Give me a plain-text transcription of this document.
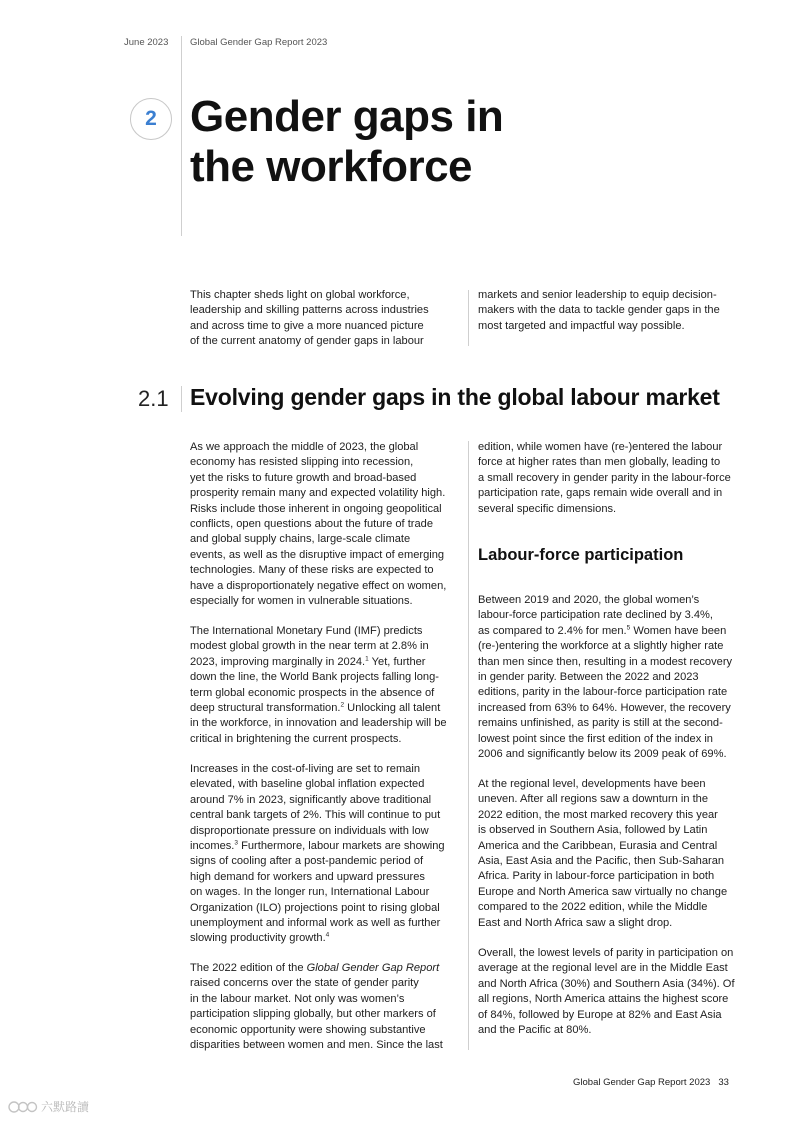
June 2023 Global Gender Gap Report 2023
2 Gender gaps in
the workforce
This chapter sheds light on global workforce,
leadership and skilling patterns across industries
and across time to give a more nuanced picture
of the current anatomy of gender gaps in labour
markets and senior leadership to equip decision-
makers with the data to tackle gender gaps in the
most targeted and impactful way possible.
2.1 Evolving gender gaps in the global labour market
As we approach the middle of 2023, the global
economy has resisted slipping into recession,
yet the risks to future growth and broad-based
prosperity remain many and expected volatility high.
Risks include those inherent in ongoing geopolitical
conflicts, open questions about the future of trade
and global supply chains, large-scale climate
events, as well as the disruptive impact of emerging
technologies. Many of these risks are expected to
have a disproportionately negative effect on women,
especially for women in vulnerable situations.
The International Monetary Fund (IMF) predicts
modest global growth in the near term at 2.8% in
2023, improving marginally in 2024.$^1$ Yet, further
down the line, the World Bank projects falling long-
term global economic prospects in the absence of
deep structural transformation.$^2$ Unlocking all talent
in the workforce, in innovation and leadership will be
critical in brightening the current prospects.
Increases in the cost-of-living are set to remain
elevated, with baseline global inflation expected
around 7% in 2023, significantly above traditional
central bank targets of 2%. This will continue to put
disproportionate pressure on individuals with low
incomes.$^3$ Furthermore, labour markets are showing
signs of cooling after a post-pandemic period of
high demand for workers and upward pressures
on wages. In the longer run, International Labour
Organization (ILO) projections point to rising global
unemployment and informal work as well as further
slowing productivity growth.$^4$
The 2022 edition of the Global Gender Gap Report
raised concerns over the state of gender parity
in the labour market. Not only was women’s
participation slipping globally, but other markers of
economic opportunity were showing substantive
disparities between women and men. Since the last
edition, while women have (re-)entered the labour
force at higher rates than men globally, leading to
a small recovery in gender parity in the labour-force
participation rate, gaps remain wide overall and in
several specific dimensions.
Labour-force participation
Between 2019 and 2020, the global women’s
labour-force participation rate declined by 3.4%,
as compared to 2.4% for men.$^5$ Women have been
(re-)entering the workforce at a slightly higher rate
than men since then, resulting in a modest recovery
in gender parity. Between the 2022 and 2023
editions, parity in the labour-force participation rate
increased from 63% to 64%. However, the recovery
remains unfinished, as parity is still at the second-
lowest point since the first edition of the index in
2006 and significantly below its 2009 peak of 69%.
At the regional level, developments have been
uneven. After all regions saw a downturn in the
2022 edition, the most marked recovery this year
is observed in Southern Asia, followed by Latin
America and the Caribbean, Eurasia and Central
Asia, East Asia and the Pacific, then Sub-Saharan
Africa. Parity in labour-force participation in both
Europe and North America saw virtually no change
compared to the 2022 edition, while the Middle
East and North Africa saw a slight drop.
Overall, the lowest levels of parity in participation on
average at the regional level are in the Middle East
and North Africa (30%) and Southern Asia (34%). Of
all regions, North America attains the highest score
of 84%, followed by Europe at 82% and East Asia
and the Pacific at 80%.
Global Gender Gap Report 2023 33
六默路讀
